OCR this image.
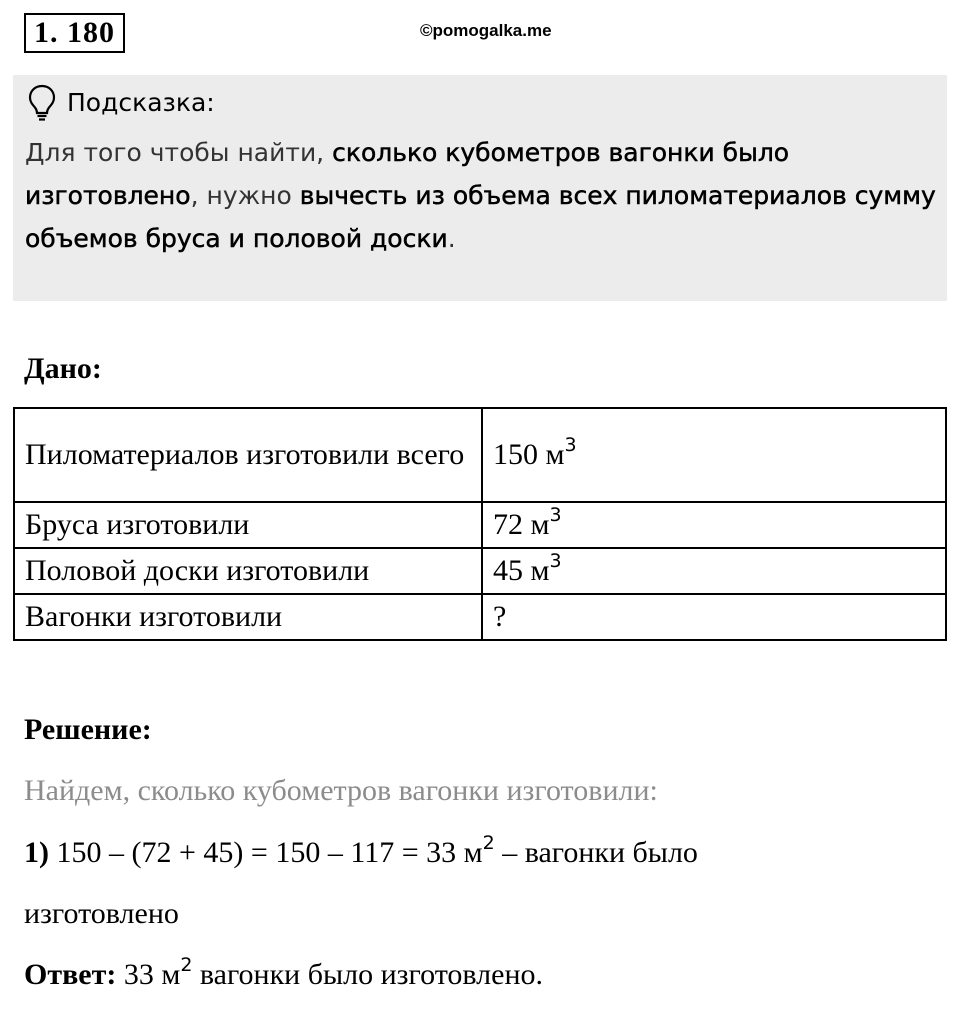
1. 180	©pomogalka.me
Подсказка:
Для того чтобы найти, сколько кубометров вагонки было изготовлено, нужно вычесть из объема всех пиломатериалов сумму объемов бруса и половой доски.
Дано:
Пиломатериалов изготовили всего	150 $м^3$
Бруса изготовили	72 $м^3$
Половой доски изготовили	45 $м^3$
Вагонки изготовили	?
Решение:
Найдем, сколько кубометров вагонки изготовили:
1) 150 – (72 + 45) = 150 – 117 = 33 $м^2$ – вагонки было
изготовлено
Ответ: 33 $м^2$ вагонки было изготовлено.
